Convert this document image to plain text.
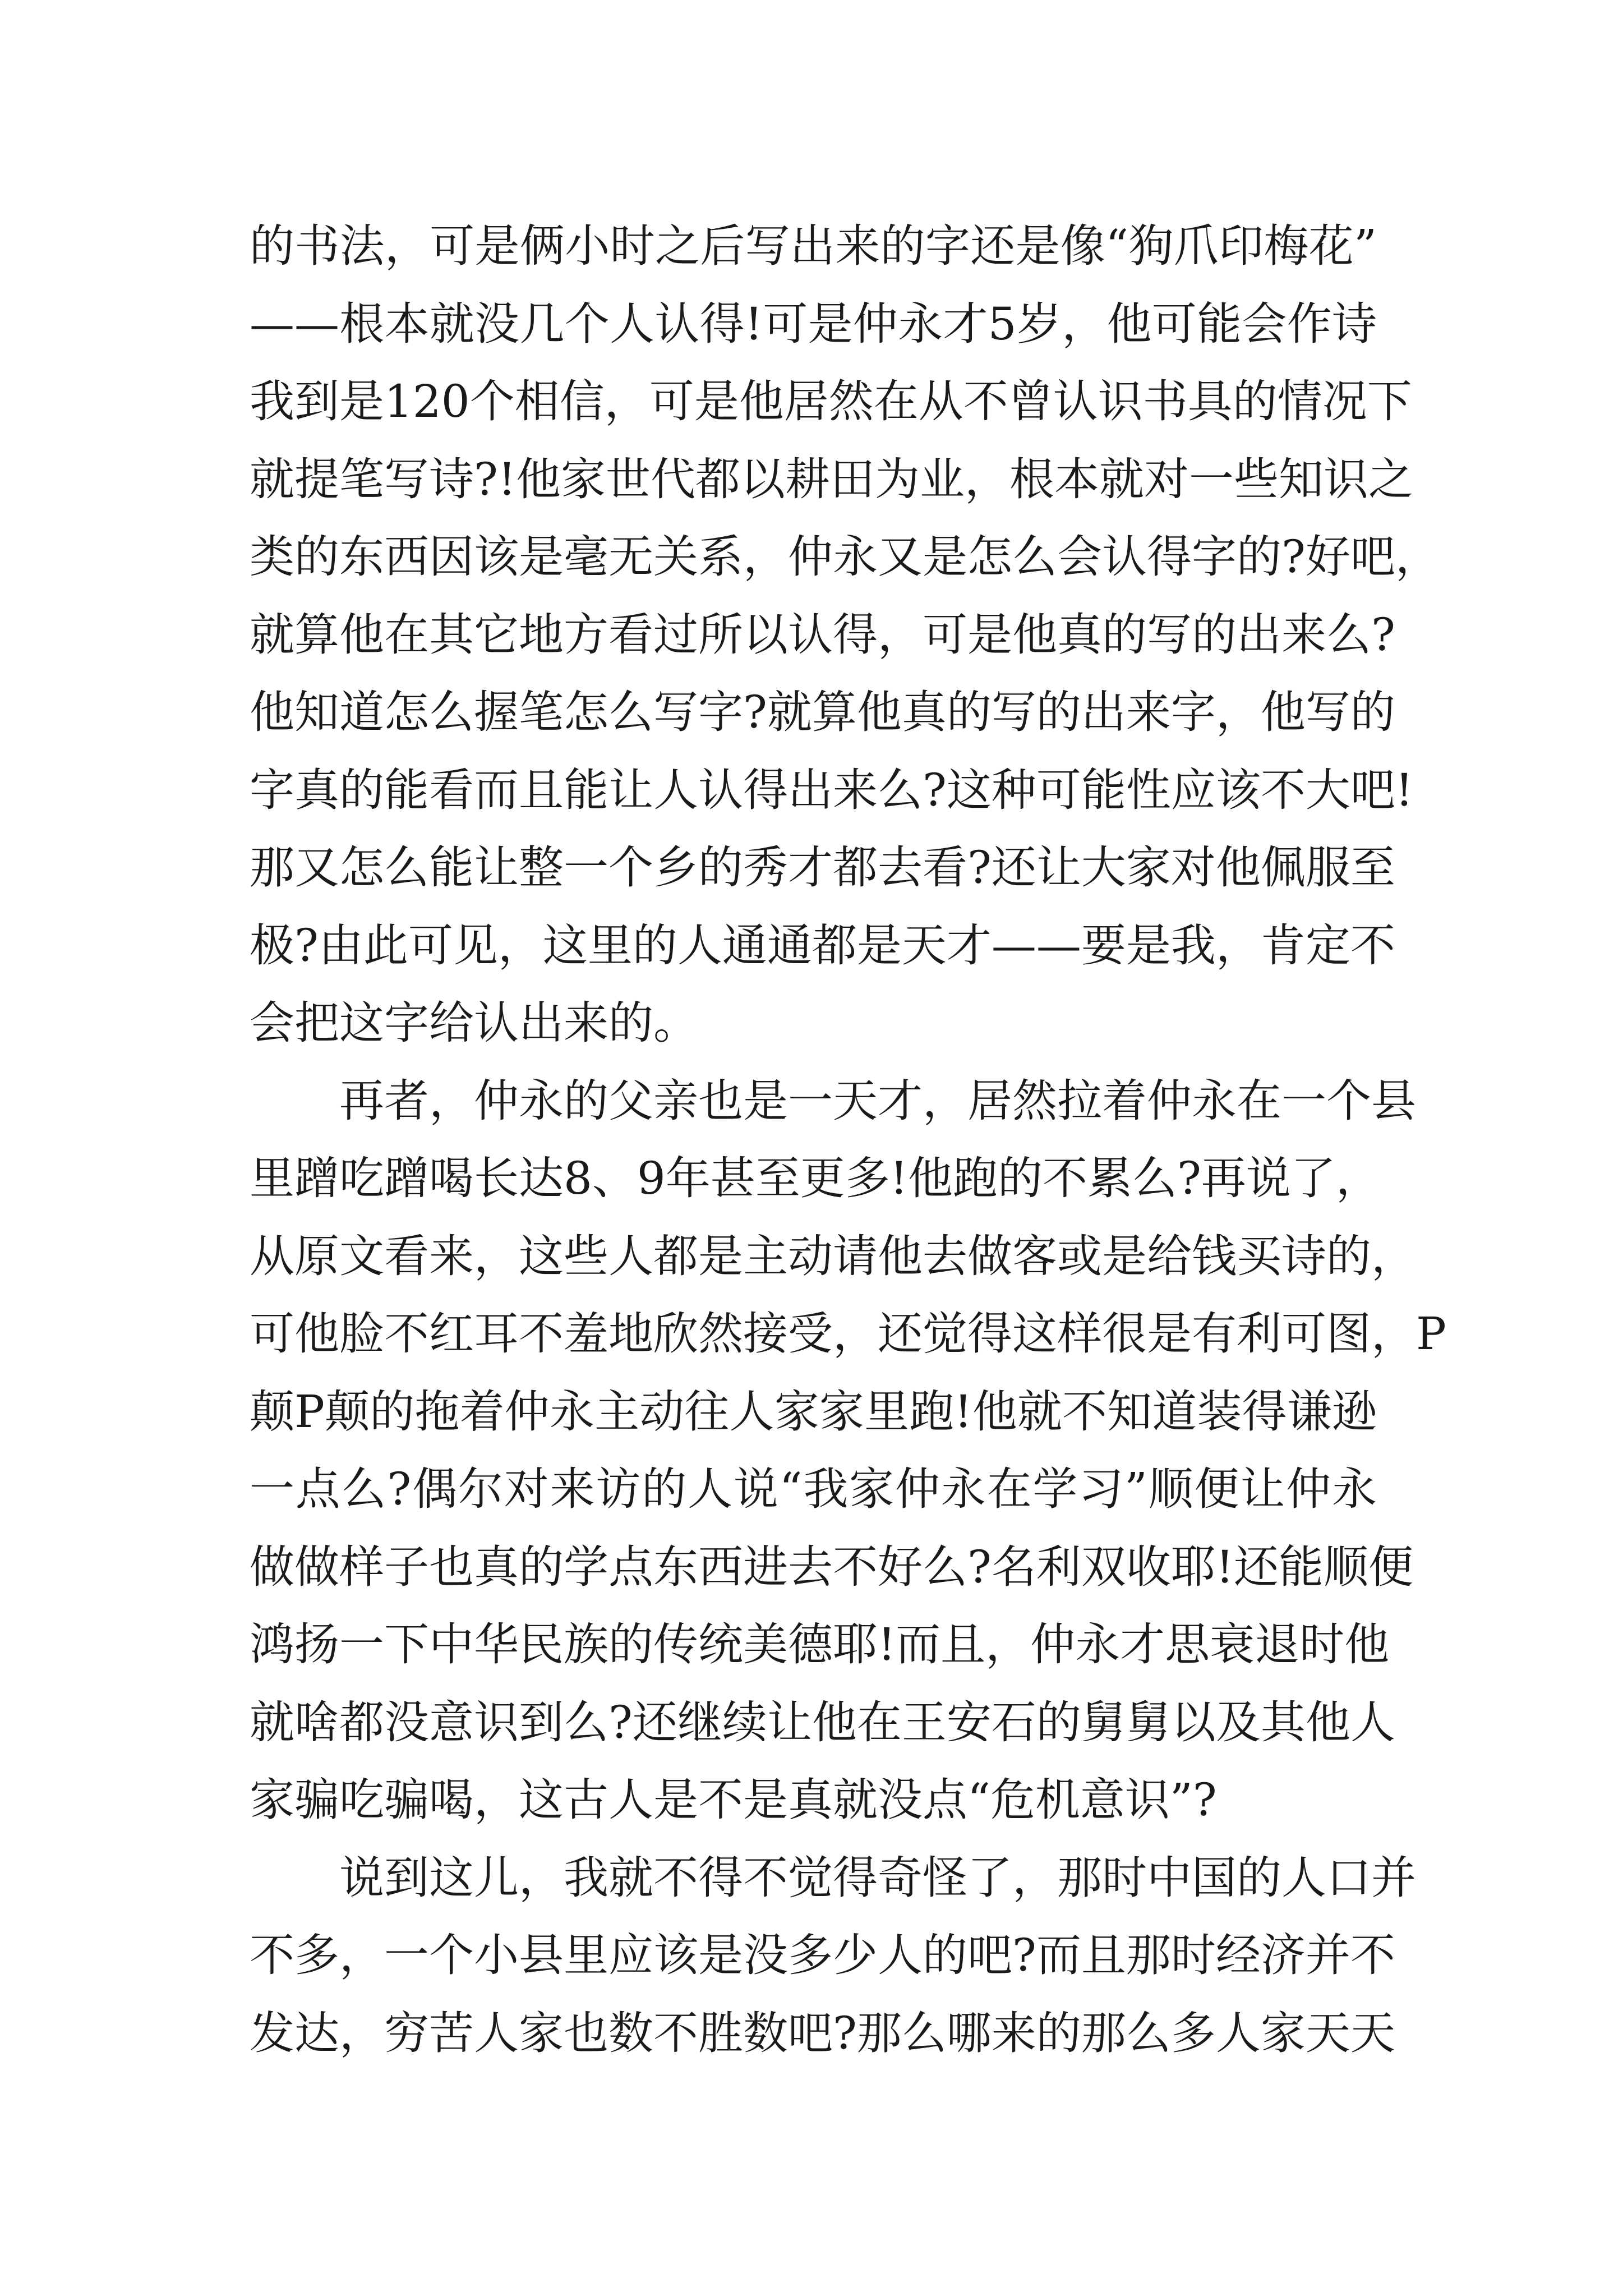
的书法，可是俩小时之后写出来的字还是像“狗爪印梅花”
——根本就没几个人认得!可是仲永才5岁，他可能会作诗
我到是120个相信，可是他居然在从不曾认识书具的情况下
就提笔写诗?!他家世代都以耕田为业，根本就对一些知识之
类的东西因该是毫无关系，仲永又是怎么会认得字的?好吧，
就算他在其它地方看过所以认得，可是他真的写的出来么?
他知道怎么握笔怎么写字?就算他真的写的出来字，他写的
字真的能看而且能让人认得出来么?这种可能性应该不大吧!
那又怎么能让整一个乡的秀才都去看?还让大家对他佩服至
极?由此可见，这里的人通通都是天才——要是我，肯定不
会把这字给认出来的。
再者，仲永的父亲也是一天才，居然拉着仲永在一个县
里蹭吃蹭喝长达8、9年甚至更多!他跑的不累么?再说了，
从原文看来，这些人都是主动请他去做客或是给钱买诗的，
可他脸不红耳不羞地欣然接受，还觉得这样很是有利可图，P
颠P颠的拖着仲永主动往人家家里跑!他就不知道装得谦逊
一点么?偶尔对来访的人说“我家仲永在学习”顺便让仲永
做做样子也真的学点东西进去不好么?名利双收耶!还能顺便
鸿扬一下中华民族的传统美德耶!而且，仲永才思衰退时他
就啥都没意识到么?还继续让他在王安石的舅舅以及其他人
家骗吃骗喝，这古人是不是真就没点“危机意识”?
说到这儿，我就不得不觉得奇怪了，那时中国的人口并
不多，一个小县里应该是没多少人的吧?而且那时经济并不
发达，穷苦人家也数不胜数吧?那么哪来的那么多人家天天
